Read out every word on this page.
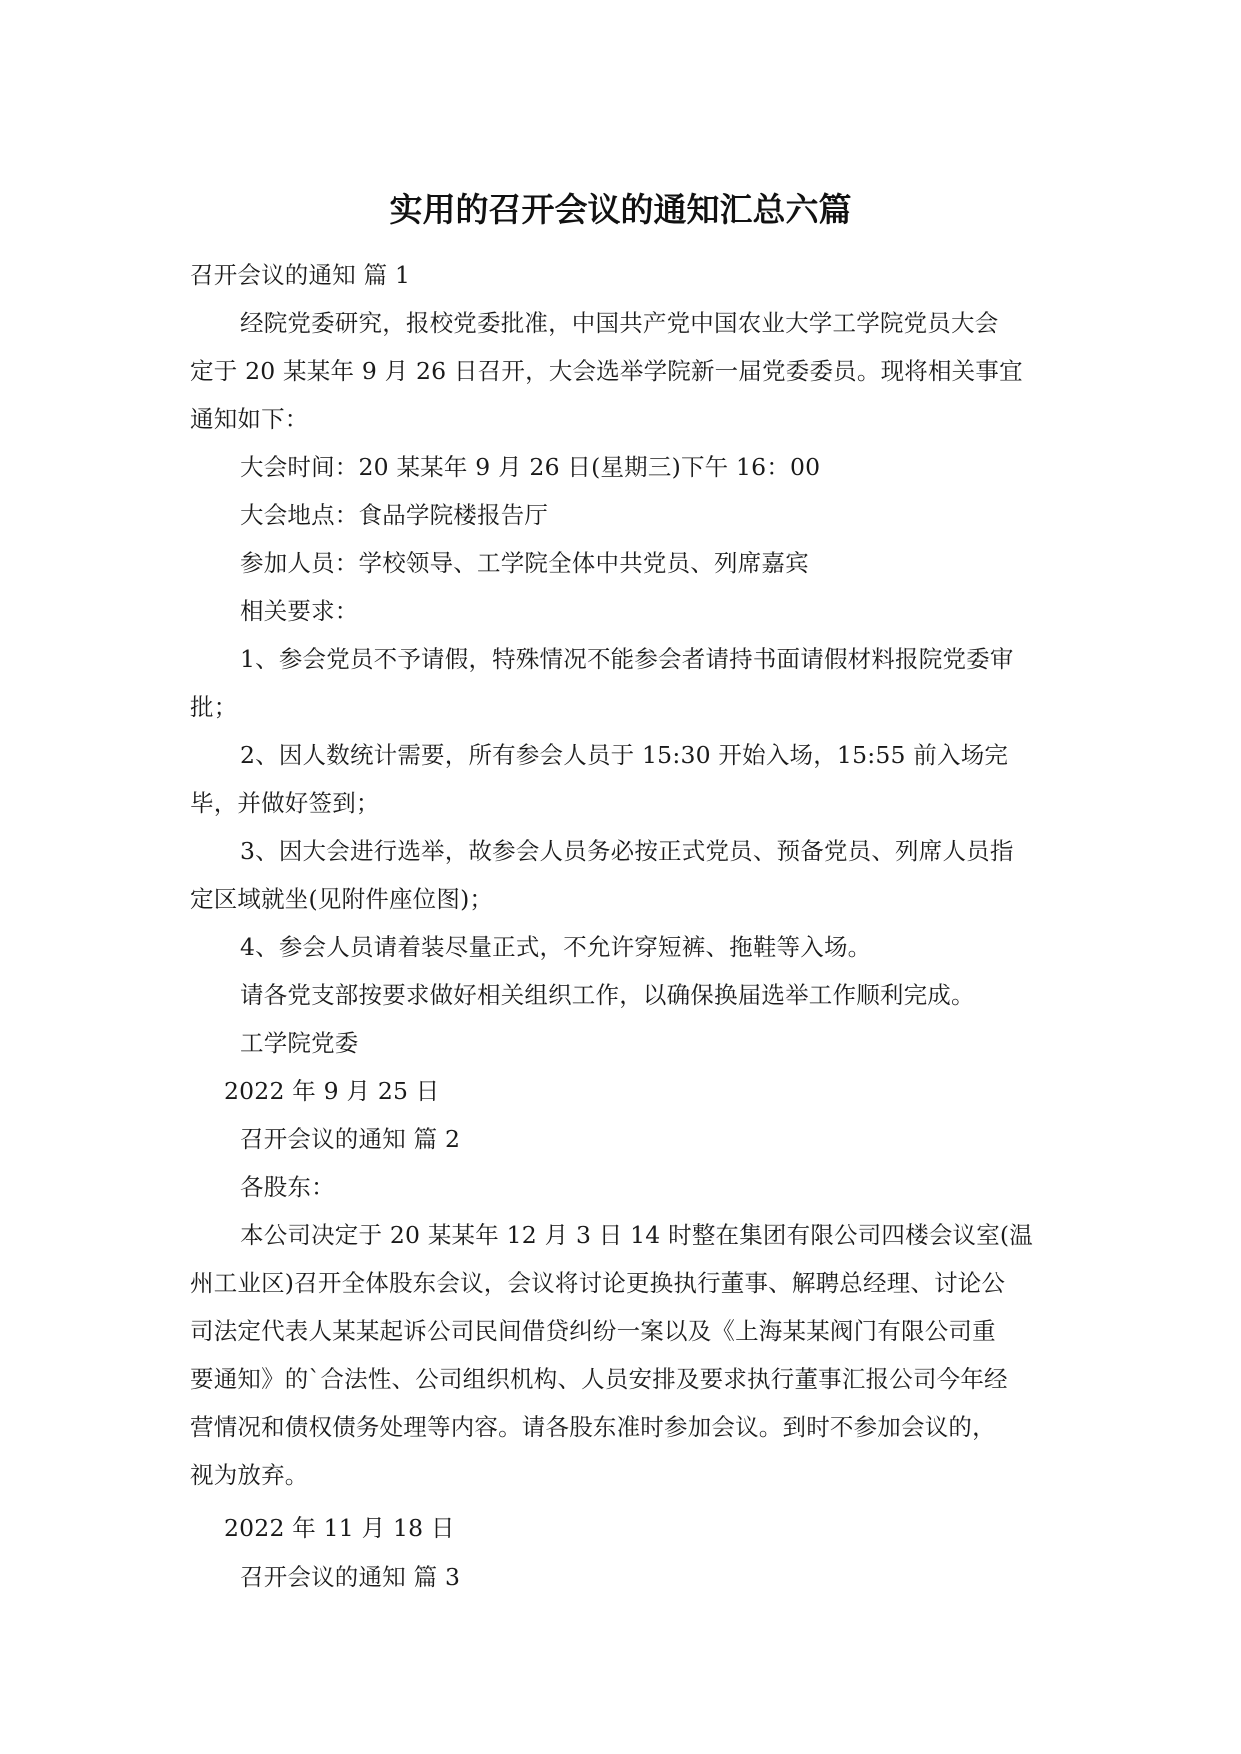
实用的召开会议的通知汇总六篇
召开会议的通知 篇 1
经院党委研究，报校党委批准，中国共产党中国农业大学工学院党员大会
定于 20 某某年 9 月 26 日召开，大会选举学院新一届党委委员。现将相关事宜
通知如下：
大会时间：20 某某年 9 月 26 日(星期三)下午 16：00
大会地点：食品学院楼报告厅
参加人员：学校领导、工学院全体中共党员、列席嘉宾
相关要求：
1、参会党员不予请假，特殊情况不能参会者请持书面请假材料报院党委审
批；
2、因人数统计需要，所有参会人员于 15:30 开始入场，15:55 前入场完
毕，并做好签到；
3、因大会进行选举，故参会人员务必按正式党员、预备党员、列席人员指
定区域就坐(见附件座位图)；
4、参会人员请着装尽量正式，不允许穿短裤、拖鞋等入场。
请各党支部按要求做好相关组织工作，以确保换届选举工作顺利完成。
工学院党委
2022 年 9 月 25 日
召开会议的通知 篇 2
各股东：
本公司决定于 20 某某年 12 月 3 日 14 时整在集团有限公司四楼会议室(温
州工业区)召开全体股东会议，会议将讨论更换执行董事、解聘总经理、讨论公
司法定代表人某某起诉公司民间借贷纠纷一案以及《上海某某阀门有限公司重
要通知》的`合法性、公司组织机构、人员安排及要求执行董事汇报公司今年经
营情况和债权债务处理等内容。请各股东准时参加会议。到时不参加会议的，
视为放弃。
2022 年 11 月 18 日
召开会议的通知 篇 3
